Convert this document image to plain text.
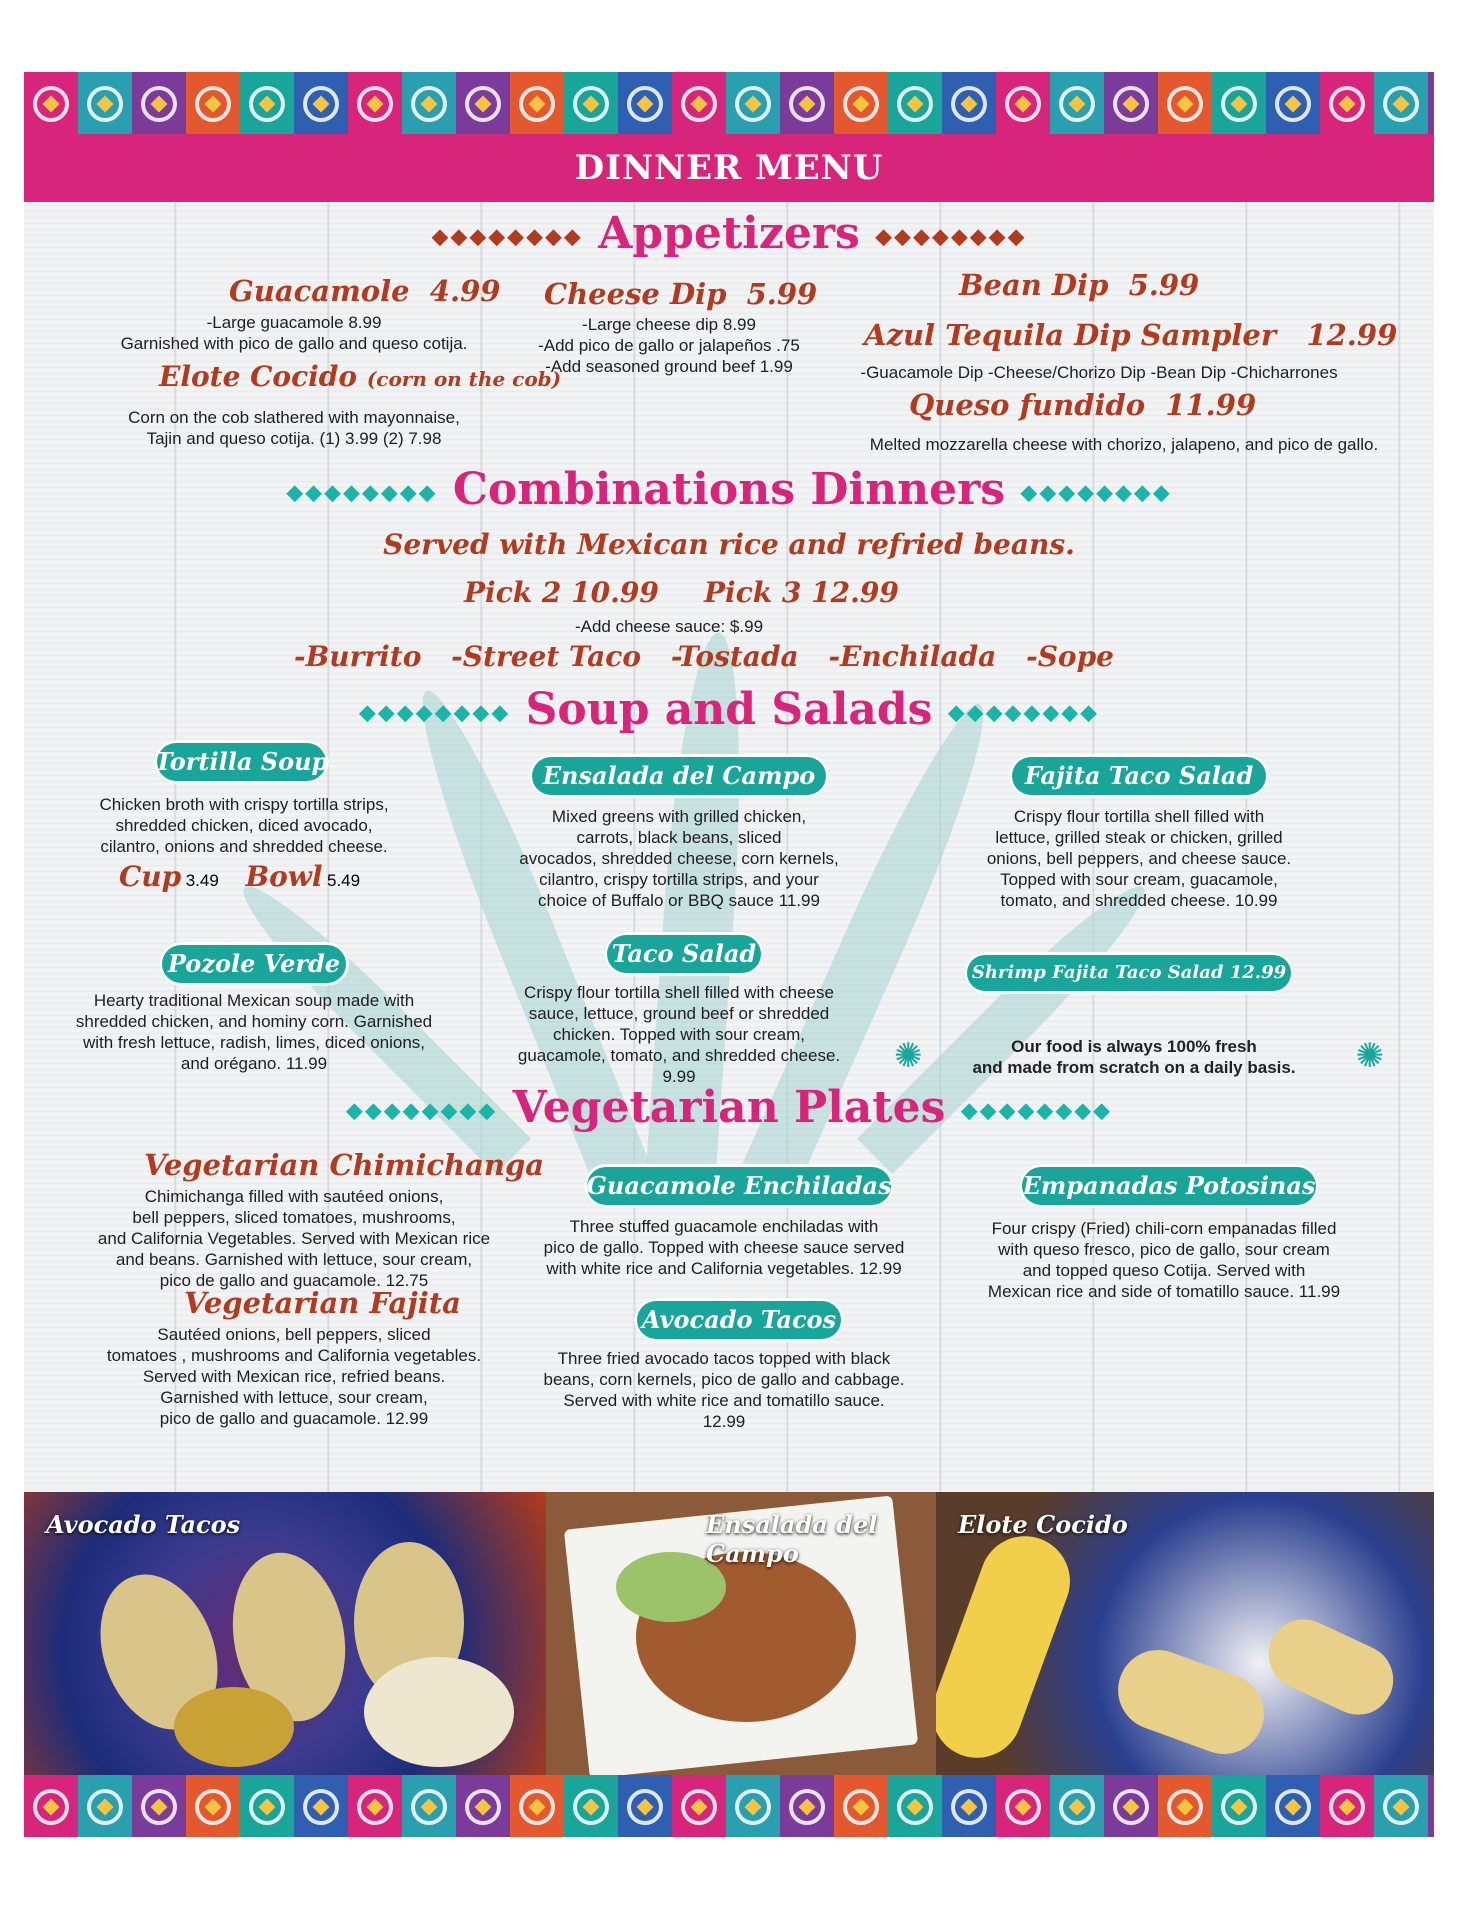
DINNER MENU
◆◆◆◆◆◆◆◆ Appetizers ◆◆◆◆◆◆◆◆
Guacamole 4.99
-Large guacamole 8.99
Garnished with pico de gallo and queso cotija.
Elote Cocido (corn on the cob)
Corn on the cob slathered with mayonnaise,
Tajin and queso cotija. (1) 3.99 (2) 7.98
Cheese Dip 5.99
-Large cheese dip 8.99
-Add pico de gallo or jalapeños .75
-Add seasoned ground beef 1.99
Bean Dip 5.99
Azul Tequila Dip Sampler 12.99
-Guacamole Dip -Cheese/Chorizo Dip -Bean Dip -Chicharrones
Queso fundido 11.99
Melted mozzarella cheese with chorizo, jalapeno, and pico de gallo.
◆◆◆◆◆◆◆◆ Combinations Dinners ◆◆◆◆◆◆◆◆
Served with Mexican rice and refried beans.
Pick 2 10.99 Pick 3 12.99
-Add cheese sauce: $.99
-Burrito -Street Taco -Tostada -Enchilada -Sope
◆◆◆◆◆◆◆◆ Soup and Salads ◆◆◆◆◆◆◆◆
Tortilla Soup
Chicken broth with crispy tortilla strips,
shredded chicken, diced avocado,
cilantro, onions and shredded cheese.
Cup 3.49 Bowl 5.49
Pozole Verde
Hearty traditional Mexican soup made with
shredded chicken, and hominy corn. Garnished
with fresh lettuce, radish, limes, diced onions,
and orégano. 11.99
Ensalada del Campo
Mixed greens with grilled chicken,
carrots, black beans, sliced
avocados, shredded cheese, corn kernels,
cilantro, crispy tortilla strips, and your
choice of Buffalo or BBQ sauce 11.99
Taco Salad
Crispy flour tortilla shell filled with cheese
sauce, lettuce, ground beef or shredded
chicken. Topped with sour cream,
guacamole, tomato, and shredded cheese.
9.99
Fajita Taco Salad
Crispy flour tortilla shell filled with
lettuce, grilled steak or chicken, grilled
onions, bell peppers, and cheese sauce.
Topped with sour cream, guacamole,
tomato, and shredded cheese. 10.99
Shrimp Fajita Taco Salad 12.99
✺	Our food is always 100% fresh
and made from scratch on a daily basis.	✺
◆◆◆◆◆◆◆◆ Vegetarian Plates ◆◆◆◆◆◆◆◆
Vegetarian Chimichanga
Chimichanga filled with sautéed onions,
bell peppers, sliced tomatoes, mushrooms,
and California Vegetables. Served with Mexican rice
and beans. Garnished with lettuce, sour cream,
pico de gallo and guacamole. 12.75
Vegetarian Fajita
Sautéed onions, bell peppers, sliced
tomatoes , mushrooms and California vegetables.
Served with Mexican rice, refried beans.
Garnished with lettuce, sour cream,
pico de gallo and guacamole. 12.99
Guacamole Enchiladas
Three stuffed guacamole enchiladas with
pico de gallo. Topped with cheese sauce served
with white rice and California vegetables. 12.99
Avocado Tacos
Three fried avocado tacos topped with black
beans, corn kernels, pico de gallo and cabbage.
Served with white rice and tomatillo sauce.
12.99
Empanadas Potosinas
Four crispy (Fried) chili-corn empanadas filled
with queso fresco, pico de gallo, sour cream
and topped queso Cotija. Served with
Mexican rice and side of tomatillo sauce. 11.99
Avocado Tacos	Ensalada del Campo
Elote Cocido
